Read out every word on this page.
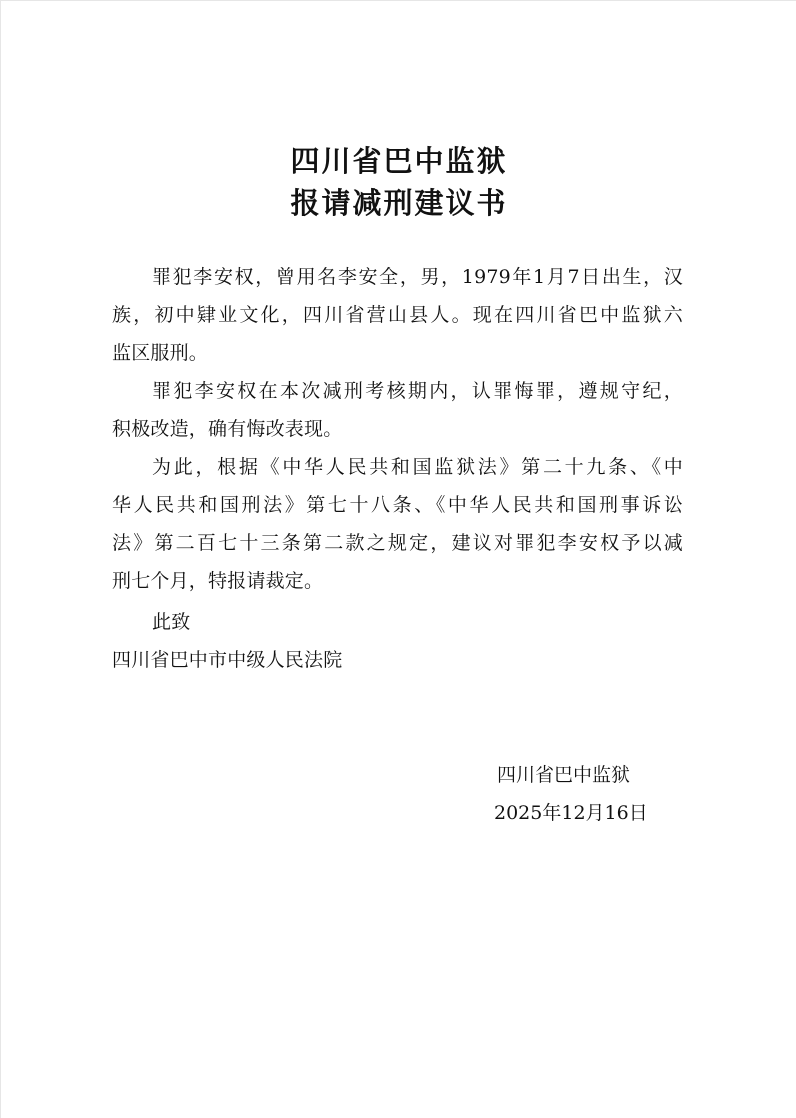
四川省巴中监狱
报请减刑建议书
罪犯李安权，曾用名李安全，男，1979年1月7日出生，汉
族，初中肄业文化，四川省营山县人。现在四川省巴中监狱六
监区服刑。
罪犯李安权在本次减刑考核期内，认罪悔罪，遵规守纪，
积极改造，确有悔改表现。
为此，根据《中华人民共和国监狱法》第二十九条、《中
华人民共和国刑法》第七十八条、《中华人民共和国刑事诉讼
法》第二百七十三条第二款之规定，建议对罪犯李安权予以减
刑七个月，特报请裁定。
此致
四川省巴中市中级人民法院
四川省巴中监狱
2025年12月16日
